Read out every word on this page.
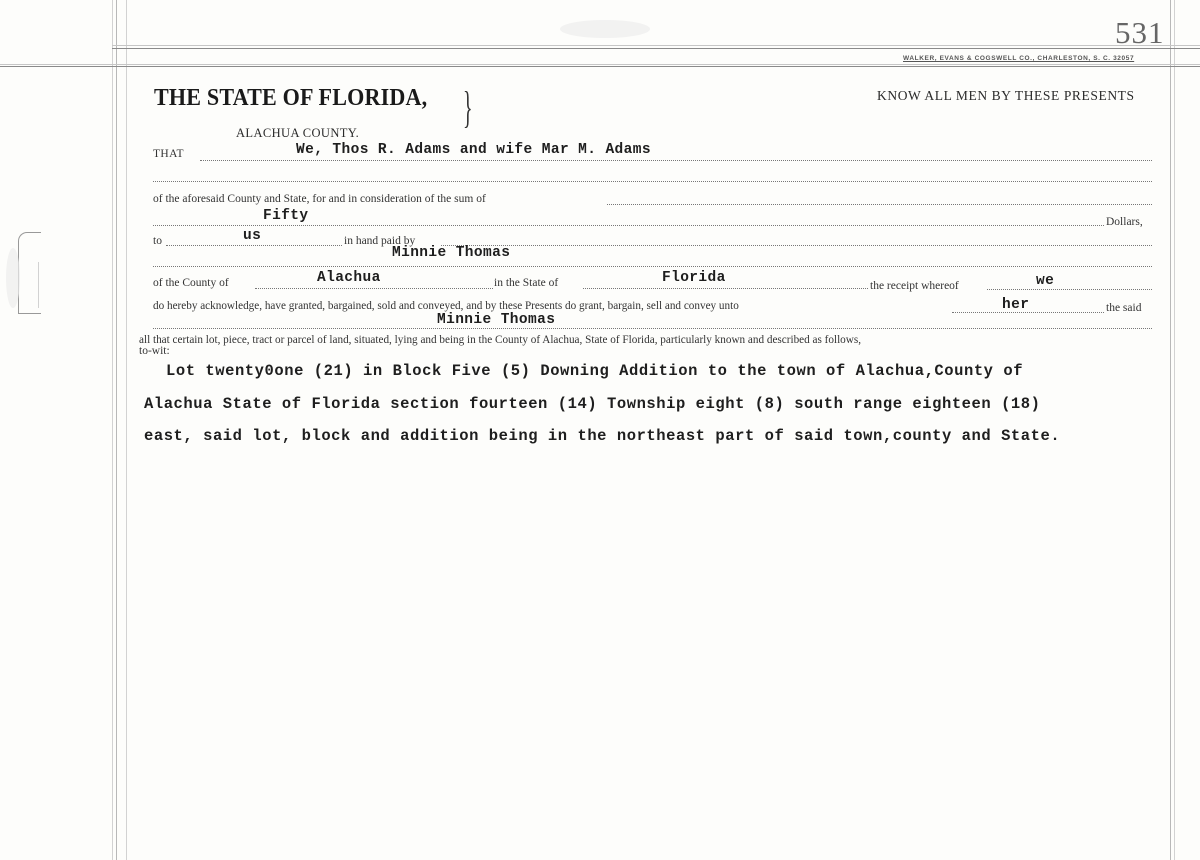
531
WALKER, EVANS & COGSWELL CO., CHARLESTON, S. C. 32057
THE STATE OF FLORIDA, }	KNOW ALL MEN BY THESE PRESENTS
ALACHUA COUNTY.
THAT	We, Thos R. Adams and wife Mar M. Adams
of the aforesaid County and State, for and in consideration of the sum of
Fifty	Dollars,
to	us	in hand paid by
Minnie Thomas
of the County of	Alachua	in the State of	Florida	the receipt whereof	we
do hereby acknowledge, have granted, bargained, sold and conveyed, and by these Presents do grant, bargain, sell and convey unto	her	the said
Minnie Thomas
all that certain lot, piece, tract or parcel of land, situated, lying and being in the County of Alachua, State of Florida, particularly known and described as follows,
to-wit:
Lot twenty0one (21) in Block Five (5) Downing Addition to the town of Alachua,County of
Alachua State of Florida section fourteen (14) Township eight (8) south range eighteen (18)
east, said lot, block and addition being in the northeast part of said town,county and State.
